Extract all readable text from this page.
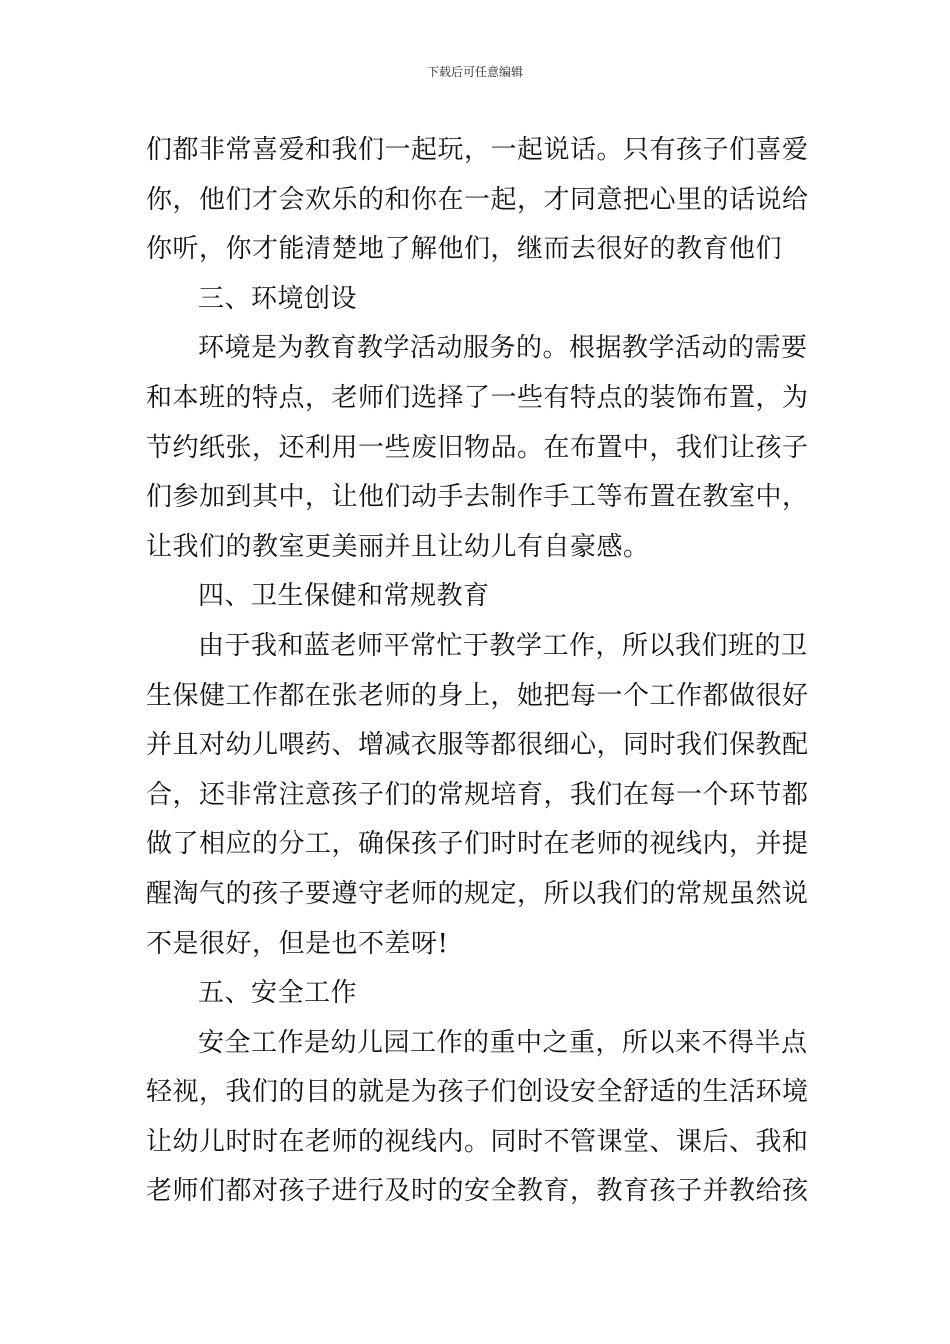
下载后可任意编辑
们都非常喜爱和我们一起玩，一起说话。只有孩子们喜爱
你，他们才会欢乐的和你在一起，才同意把心里的话说给
你听，你才能清楚地了解他们，继而去很好的教育他们
三、环境创设
环境是为教育教学活动服务的。根据教学活动的需要
和本班的特点，老师们选择了一些有特点的装饰布置，为
节约纸张，还利用一些废旧物品。在布置中，我们让孩子
们参加到其中，让他们动手去制作手工等布置在教室中，
让我们的教室更美丽并且让幼儿有自豪感。
四、卫生保健和常规教育
由于我和蓝老师平常忙于教学工作，所以我们班的卫
生保健工作都在张老师的身上，她把每一个工作都做很好
并且对幼儿喂药、增减衣服等都很细心，同时我们保教配
合，还非常注意孩子们的常规培育，我们在每一个环节都
做了相应的分工，确保孩子们时时在老师的视线内，并提
醒淘气的孩子要遵守老师的规定，所以我们的常规虽然说
不是很好，但是也不差呀!
五、安全工作
安全工作是幼儿园工作的重中之重，所以来不得半点
轻视，我们的目的就是为孩子们创设安全舒适的生活环境
让幼儿时时在老师的视线内。同时不管课堂、课后、我和
老师们都对孩子进行及时的安全教育，教育孩子并教给孩
